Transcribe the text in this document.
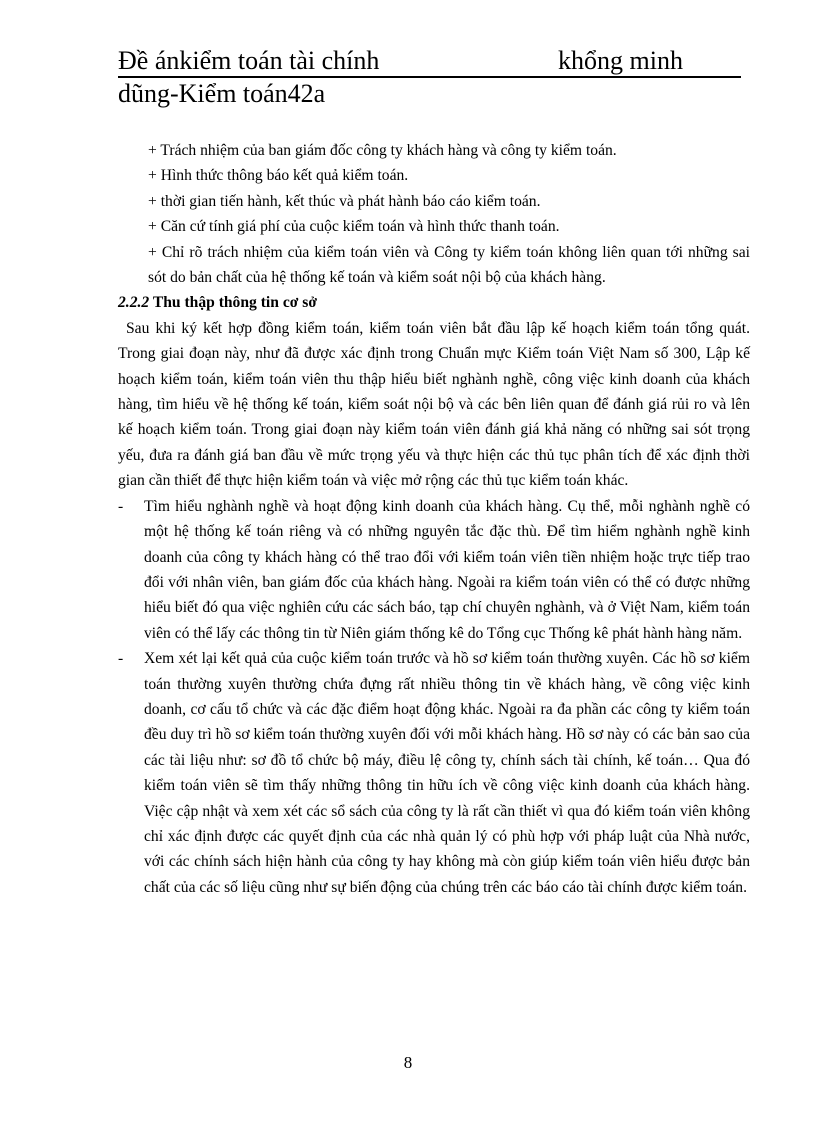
Đề ánkiểm toán tài chính	khổng minh
dũng-Kiểm toán42a
+ Trách nhiệm của ban giám đốc công ty khách hàng và công ty kiểm toán.
+ Hình thức thông báo kết quả kiểm toán.
+ thời gian tiến hành, kết thúc và phát hành báo cáo kiểm toán.
+ Căn cứ tính giá phí của cuộc kiểm toán và hình thức thanh toán.
+ Chỉ rõ trách nhiệm của kiểm toán viên và Công ty kiểm toán không liên quan tới những sai sót do bản chất của hệ thống kế toán và kiểm soát nội bộ của khách hàng.
2.2.2 Thu thập thông tin cơ sở
Sau khi ký kết hợp đồng kiểm toán, kiểm toán viên bắt đầu lập kế hoạch kiểm toán tổng quát. Trong giai đoạn này, như đã được xác định trong Chuẩn mực Kiểm toán Việt Nam số 300, Lập kế hoạch kiểm toán, kiểm toán viên thu thập hiểu biết nghành nghề, công việc kinh doanh của khách hàng, tìm hiểu về hệ thống kế toán, kiểm soát nội bộ và các bên liên quan để đánh giá rủi ro và lên kế hoạch kiểm toán. Trong giai đoạn này kiểm toán viên đánh giá khả năng có những sai sót trọng yếu, đưa ra đánh giá ban đầu về mức trọng yếu và thực hiện các thủ tục phân tích để xác định thời gian cần thiết để thực hiện kiểm toán và việc mở rộng các thủ tục kiểm toán khác.
-	Tìm hiểu nghành nghề và hoạt động kinh doanh của khách hàng. Cụ thể, mỗi nghành nghề có một hệ thống kế toán riêng và có những nguyên tắc đặc thù. Để tìm hiểm nghành nghề kinh doanh của công ty khách hàng có thể trao đổi với kiểm toán viên tiền nhiệm hoặc trực tiếp trao đổi với nhân viên, ban giám đốc của khách hàng. Ngoài ra kiểm toán viên có thể có được những hiểu biết đó qua việc nghiên cứu các sách báo, tạp chí chuyên nghành, và ở Việt Nam, kiểm toán viên có thể lấy các thông tin từ Niên giám thống kê do Tổng cục Thống kê phát hành hàng năm.
-	Xem xét lại kết quả của cuộc kiểm toán trước và hồ sơ kiểm toán thường xuyên. Các hồ sơ kiểm toán thường xuyên thường chứa đựng rất nhiều thông tin về khách hàng, về công việc kinh doanh, cơ cấu tổ chức và các đặc điểm hoạt động khác. Ngoài ra đa phần các công ty kiểm toán đều duy trì hồ sơ kiểm toán thường xuyên đối với mỗi khách hàng. Hồ sơ này có các bản sao của các tài liệu như: sơ đồ tổ chức bộ máy, điều lệ công ty, chính sách tài chính, kế toán… Qua đó kiểm toán viên sẽ tìm thấy những thông tin hữu ích về công việc kinh doanh của khách hàng. Việc cập nhật và xem xét các sổ sách của công ty là rất cần thiết vì qua đó kiểm toán viên không chỉ xác định được các quyết định của các nhà quản lý có phù hợp với pháp luật của Nhà nước, với các chính sách hiện hành của công ty hay không mà còn giúp kiểm toán viên hiểu được bản chất của các số liệu cũng như sự biến động của chúng trên các báo cáo tài chính được kiểm toán.
8
